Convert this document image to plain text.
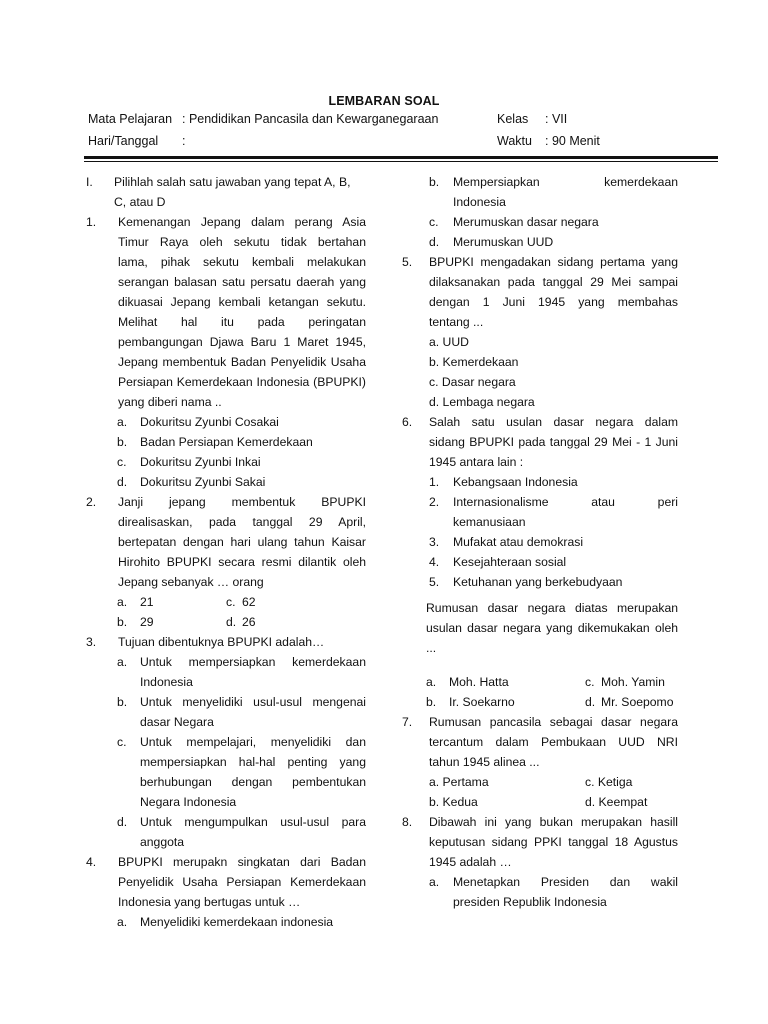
LEMBARAN SOAL
Mata Pelajaran : Pendidikan Pancasila dan Kewarganegaraan
Hari/Tanggal :
Kelas : VII
Waktu : 90 Menit
I. Pilihlah salah satu jawaban yang tepat A, B,
C, atau D
1. Kemenangan Jepang dalam perang Asia
Timur Raya oleh sekutu tidak bertahan
lama, pihak sekutu kembali melakukan
serangan balasan satu persatu daerah yang
dikuasai Jepang kembali ketangan sekutu.
Melihat hal itu pada peringatan
pembangungan Djawa Baru 1 Maret 1945,
Jepang membentuk Badan Penyelidik Usaha
Persiapan Kemerdekaan Indonesia (BPUPKI)
yang diberi nama ..
a. Dokuritsu Zyunbi Cosakai
b. Badan Persiapan Kemerdekaan
c. Dokuritsu Zyunbi Inkai
d. Dokuritsu Zyunbi Sakai
2. Janji jepang membentuk BPUPKI
direalisaskan, pada tanggal 29 April,
bertepatan dengan hari ulang tahun Kaisar
Hirohito BPUPKI secara resmi dilantik oleh
Jepang sebanyak … orang
a. 21	c. 62
b. 29	d. 26
3. Tujuan dibentuknya BPUPKI adalah…
a. Untuk mempersiapkan kemerdekaan
Indonesia
b. Untuk menyelidiki usul-usul mengenai
dasar Negara
c. Untuk mempelajari, menyelidiki dan
mempersiapkan hal-hal penting yang
berhubungan dengan pembentukan
Negara Indonesia
d. Untuk mengumpulkan usul-usul para
anggota
4. BPUPKI merupakn singkatan dari Badan
Penyelidik Usaha Persiapan Kemerdekaan
Indonesia yang bertugas untuk …
a. Menyelidiki kemerdekaan indonesia
b. Mempersiapkan kemerdekaan
Indonesia
c. Merumuskan dasar negara
d. Merumuskan UUD
5. BPUPKI mengadakan sidang pertama yang
dilaksanakan pada tanggal 29 Mei sampai
dengan 1 Juni 1945 yang membahas
tentang ...
a. UUD
b. Kemerdekaan
c. Dasar negara
d. Lembaga negara
6. Salah satu usulan dasar negara dalam
sidang BPUPKI pada tanggal 29 Mei - 1 Juni
1945 antara lain :
1. Kebangsaan Indonesia
2. Internasionalisme atau peri
kemanusiaan
3. Mufakat atau demokrasi
4. Kesejahteraan sosial
5. Ketuhanan yang berkebudyaan
Rumusan dasar negara diatas merupakan
usulan dasar negara yang dikemukakan oleh
...
a. Moh. Hatta	c. Moh. Yamin
b. Ir. Soekarno	d. Mr. Soepomo
7. Rumusan pancasila sebagai dasar negara
tercantum dalam Pembukaan UUD NRI
tahun 1945 alinea ...
a. Pertama	c. Ketiga
b. Kedua	d. Keempat
8. Dibawah ini yang bukan merupakan hasill
keputusan sidang PPKI tanggal 18 Agustus
1945 adalah …
a. Menetapkan Presiden dan wakil
presiden Republik Indonesia
